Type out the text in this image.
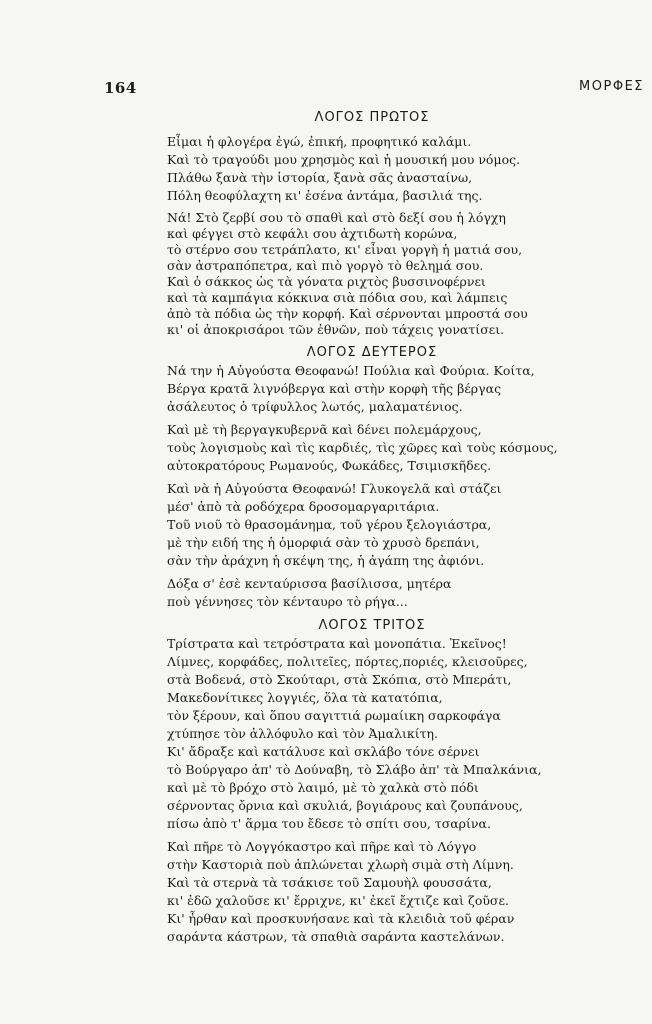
164	ΜΟΡΦΕΣ
ΛΟΓΟΣ ΠΡΩΤΟΣ
Εἶμαι ἡ φλογέρα ἐγώ, ἐπική, προφητικό καλάμι.
Καὶ τὸ τραγούδι μου χρησμὸς καὶ ἡ μουσική μου νόμος.
Πλάθω ξανὰ τὴν ἱστορία, ξανὰ σᾶς ἀνασταίνω,
Πόλη θεοφύλαχτη κι' ἐσένα ἀντάμα, βασιλιά της.
Νά! Στὸ ζερβί σου τὸ σπαθὶ καὶ στὸ δεξί σου ἡ λόγχη
καὶ φέγγει στὸ κεφάλι σου ἀχτιδωτὴ κορώνα,
τὸ στέρνο σου τετράπλατο, κι' εἶναι γοργὴ ἡ ματιά σου,
σὰν ἀστραπόπετρα, καὶ πιὸ γοργὸ τὸ θεληµά σου.
Καὶ ὁ σάκκος ὡς τὰ γόνατα ριχτὸς βυσσινοφέρνει
καὶ τὰ καμπάγια κόκκινα σιὰ πόδια σου, καὶ λάμπεις
ἀπὸ τὰ πόδια ὡς τὴν κορφή. Καὶ σέρνονται μπροστά σου
κι' οἱ ἀποκρισάροι τῶν ἐθνῶν, ποὺ τάχεις γονατίσει.
ΛΟΓΟΣ ΔΕΥΤΕΡΟΣ
Νά την ἡ Αὐγούστα Θεοφανώ! Πούλια καὶ Φούρια. Κοίτα,
Βέργα κρατᾶ λιγνόβεργα καὶ στὴν κορφὴ τῆς βέργας
ἀσάλευτος ὁ τρίφυλλος λωτός, μαλαματένιος.
Καὶ μὲ τὴ βεργαγκυβερνᾶ καὶ δένει πολεμάρχους,
τοὺς λογισμοὺς καὶ τὶς καρδιές, τὶς χῶρες καὶ τοὺς κόσμους,
αὐτοκρατόρους Ρωμανούς, Φωκάδες, Τσιμισκῆδες.
Καὶ νὰ ἡ Αὐγούστα Θεοφανώ! Γλυκογελᾶ καὶ στάζει
μέσ' ἀπὸ τὰ ροδόχερα δροσομαργαριτάρια.
Τοῦ νιοῦ τὸ θρασομάνημα, τοῦ γέρου ξελογιάστρα,
μὲ τὴν ειδή της ἡ ὁμορφιά σὰν τὸ χρυσὸ δρεπάνι,
σὰν τὴν ἀράχνη ἡ σκέψη της, ἡ ἀγάπη της ἀφιόνι.
Δόξα σ' ἐσὲ κενταύρισσα βασίλισσα, μητέρα
ποὺ γέννησες τὸν κένταυρο τὸ ρήγα...
ΛΟΓΟΣ ΤΡΙΤΟΣ
Τρίστρατα καὶ τετρόστρατα καὶ μονοπάτια. Ἐκεῖνος!
Λίμνες, κορφάδες, πολιτεῖες, πόρτες,ποριές, κλεισοῦρες,
στὰ Βοδενά, στὸ Σκούταρι, στὰ Σκόπια, στὸ Μπεράτι,
Μακεδονίτικες λογγιές, ὅλα τὰ κατατόπια,
τὸν ξέρουν, καὶ ὅπου σαγιττιά ρωμαίικη σαρκοφάγα
χτύπησε τὸν ἀλλόφυλο καὶ τὸν Ἀμαλικίτη.
Κι' ἄδραξε καὶ κατάλυσε καὶ σκλάβο τόνε σέρνει
τὸ Βούργαρο ἀπ' τὸ Δούναβη, τὸ Σλάβο ἀπ' τὰ Μπαλκάνια,
καὶ μὲ τὸ βρόχο στὸ λαιμό, μὲ τὸ χαλκὰ στὸ πόδι
σέρνοντας ὄρνια καὶ σκυλιά, βογιάρους καὶ ζουπάνους,
πίσω ἀπὸ τ' ἅρμα του ἔδεσε τὸ σπίτι σου, τσαρίνα.
Καὶ πῆρε τὸ Λογγόκαστρο καὶ πῆρε καὶ τὸ Λόγγο
στὴν Καστοριὰ ποὺ ἁπλώνεται χλωρὴ σιμὰ στὴ Λίμνη.
Καὶ τὰ στερνὰ τὰ τσάκισε τοῦ Σαμουὴλ φουσσάτα,
κι' ἐδῶ χαλοῦσε κι' ἔρριχνε, κι' ἐκεῖ ἔχτιζε καὶ ζοῦσε.
Κι' ἦρθαν καὶ προσκυνήσανε καὶ τὰ κλειδιὰ τοῦ φέραν
σαράντα κάστρων, τὰ σπαθιὰ σαράντα καστελάνων.
